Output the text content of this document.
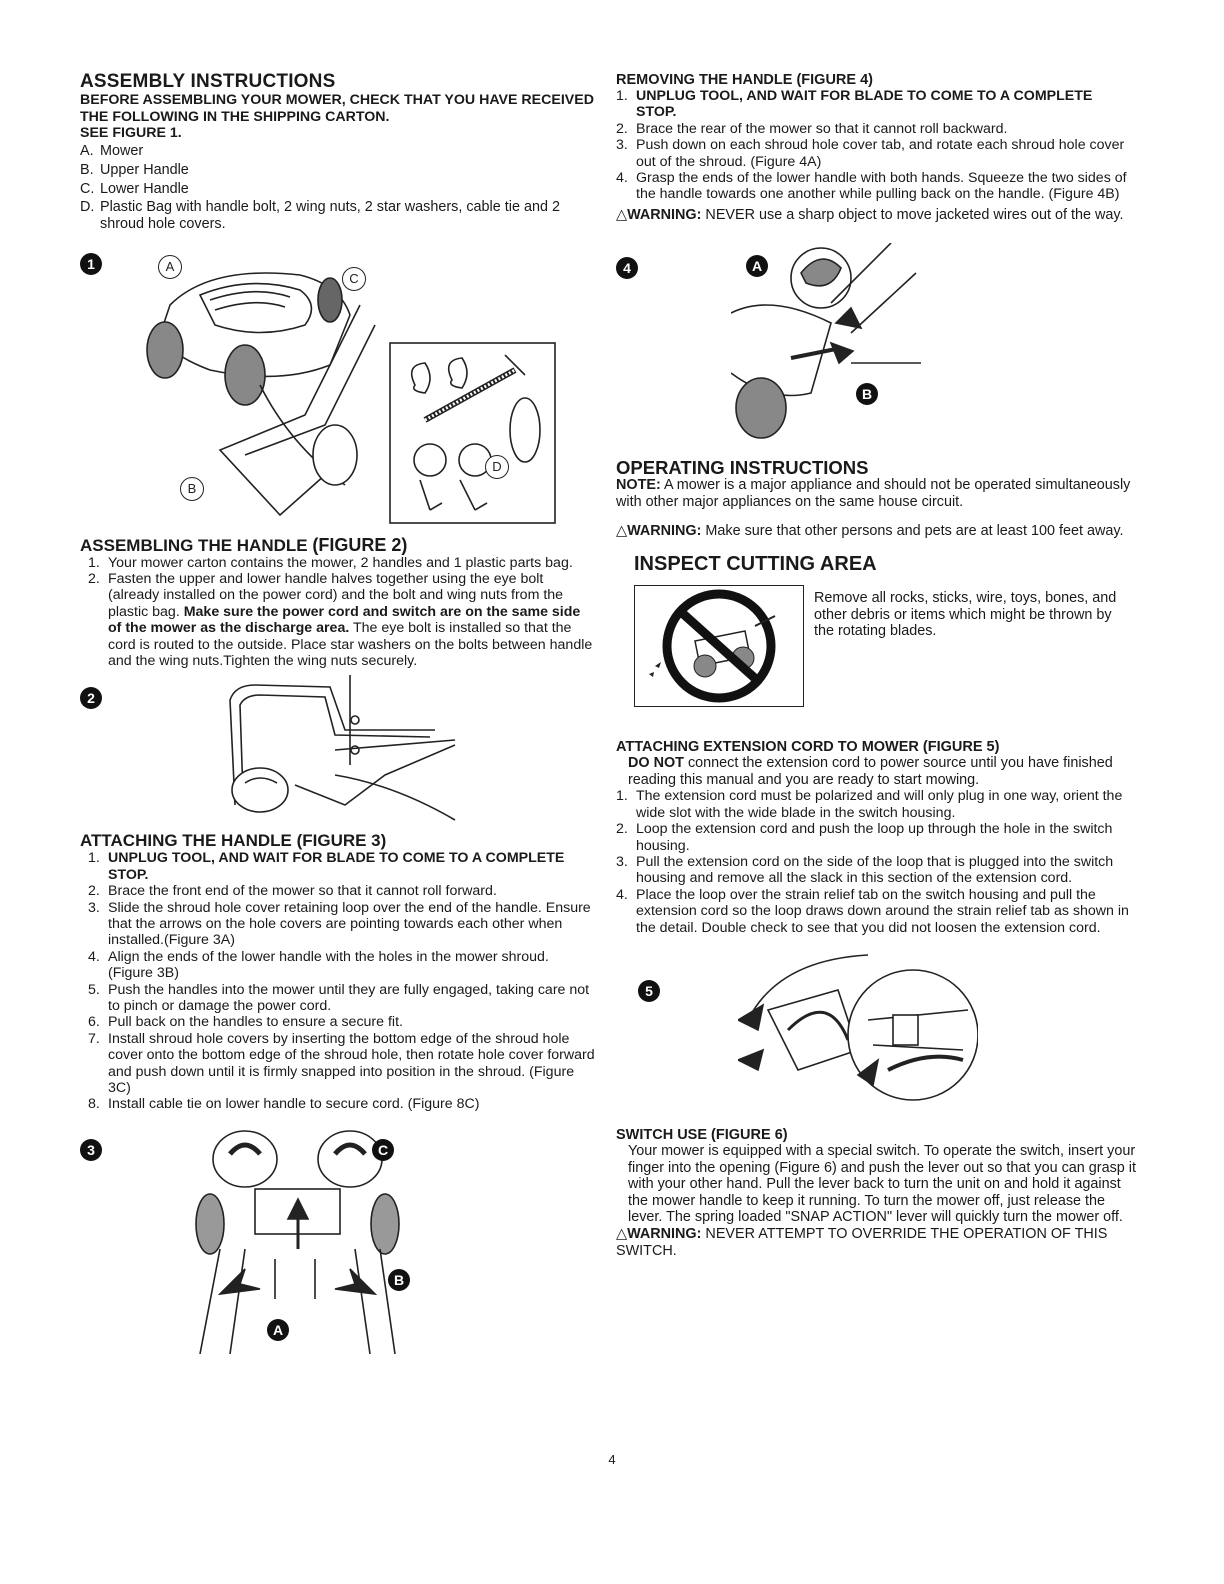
ASSEMBLY INSTRUCTIONS

BEFORE ASSEMBLING YOUR MOWER, CHECK THAT YOU HAVE RECEIVED THE FOLLOWING IN THE SHIPPING CARTON.

SEE FIGURE 1.

A. Mower
B. Upper Handle
C. Lower Handle
D. Plastic Bag with handle bolt, 2 wing nuts, 2 star washers, cable tie and 2 shroud hole covers.
1	A
B
C
D
ASSEMBLING THE HANDLE (FIGURE 2)
1. Your mower carton contains the mower, 2 handles and 1 plastic parts bag.
2. Fasten the upper and lower handle halves together using the eye bolt (already installed on the power cord) and the bolt and wing nuts from the plastic bag. Make sure the power cord and switch are on the same side of the mower as the discharge area. The eye bolt is installed so that the cord is routed to the outside. Place star washers on the bolts between handle and the wing nuts.Tighten the wing nuts securely.
2
ATTACHING THE HANDLE (FIGURE 3)
1. UNPLUG TOOL, AND WAIT FOR BLADE TO COME TO A COMPLETE STOP.
2. Brace the front end of the mower so that it cannot roll forward.
3. Slide the shroud hole cover retaining loop over the end of the handle. Ensure that the arrows on the hole covers are pointing towards each other when installed.(Figure 3A)
4. Align the ends of the lower handle with the holes in the mower shroud. (Figure 3B)
5. Push the handles into the mower until they are fully engaged, taking care not to pinch or damage the power cord.
6. Pull back on the handles to ensure a secure fit.
7. Install shroud hole covers by inserting the bottom edge of the shroud hole cover onto the bottom edge of the shroud hole, then rotate hole cover forward and push down until it is firmly snapped into position in the shroud. (Figure 3C)
8. Install cable tie on lower handle to secure cord. (Figure 8C)
3
A
B
C
REMOVING THE HANDLE (FIGURE 4)
1. UNPLUG TOOL, AND WAIT FOR BLADE TO COME TO A COMPLETE STOP.
2. Brace the rear of the mower so that it cannot roll backward.
3. Push down on each shroud hole cover tab, and rotate each shroud hole cover out of the shroud. (Figure 4A)
4. Grasp the ends of the lower handle with both hands. Squeeze the two sides of the handle towards one another while pulling back on the handle. (Figure 4B)
△WARNING: NEVER use a sharp object to move jacketed wires out of the way.
4	A
B
OPERATING INSTRUCTIONS
NOTE: A mower is a major appliance and should not be operated simultaneously with other major appliances on the same house circuit.
△WARNING: Make sure that other persons and pets are at least 100 feet away.
INSPECT CUTTING AREA
Remove all rocks, sticks, wire, toys, bones, and other debris or items which might be thrown by the rotating blades.
ATTACHING EXTENSION CORD TO MOWER (FIGURE 5)
DO NOT connect the extension cord to power source until you have finished reading this manual and you are ready to start mowing.
1. The extension cord must be polarized and will only plug in one way, orient the wide slot with the wide blade in the switch housing.
2. Loop the extension cord and push the loop up through the hole in the switch housing.
3. Pull the extension cord on the side of the loop that is plugged into the switch housing and remove all the slack in this section of the extension cord.
4. Place the loop over the strain relief tab on the switch housing and pull the extension cord so the loop draws down around the strain relief tab as shown in the detail. Double check to see that you did not loosen the extension cord.
5
SWITCH USE (FIGURE 6)
Your mower is equipped with a special switch. To operate the switch, insert your finger into the opening (Figure 6) and push the lever out so that you can grasp it with your other hand. Pull the lever back to turn the unit on and hold it against the mower handle to keep it running. To turn the mower off, just release the lever. The spring loaded "SNAP ACTION" lever will quickly turn the mower off.
△WARNING: NEVER ATTEMPT TO OVERRIDE THE OPERATION OF THIS SWITCH.
4
